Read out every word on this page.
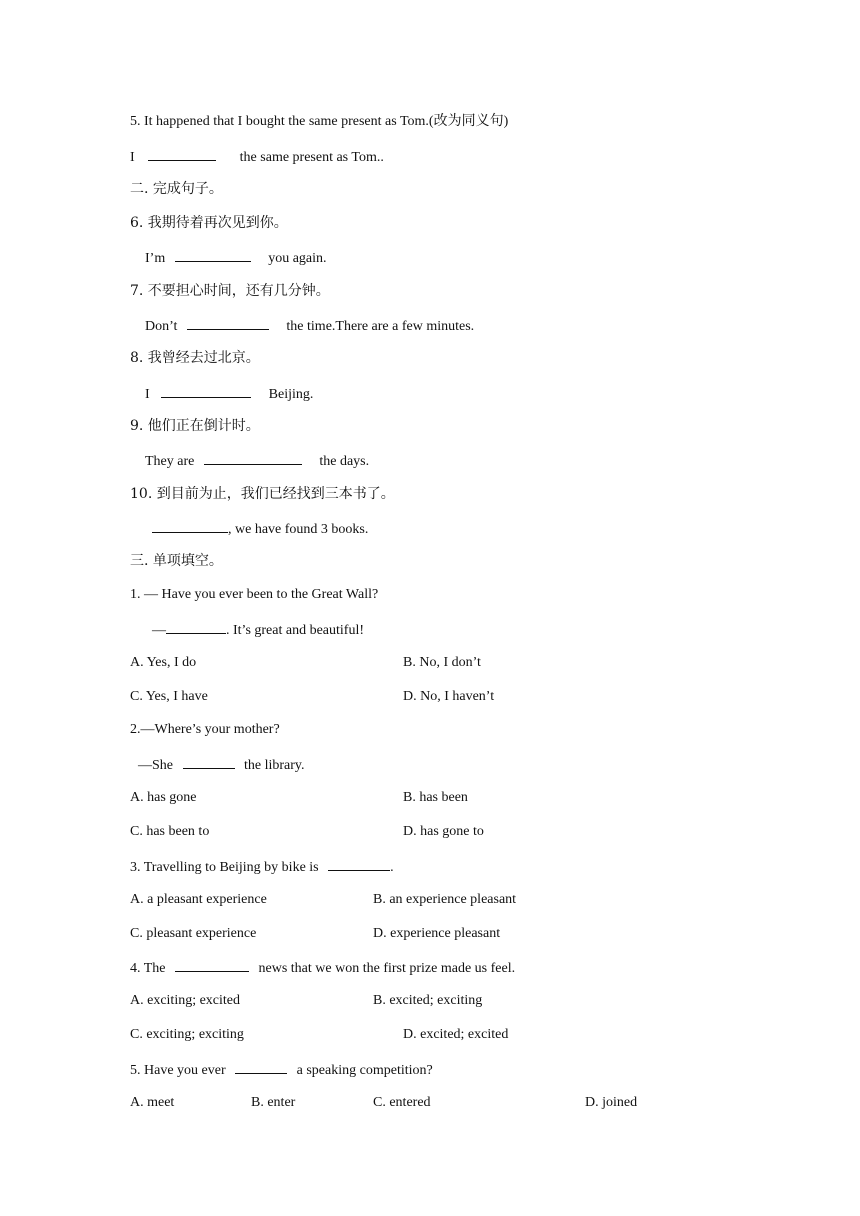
5. It happened that I bought the same present as Tom.(改为同义句)
I	the same present as Tom..
二. 完成句子。
6. 我期待着再次见到你。
I’m	you again.
7. 不要担心时间，还有几分钟。
Don’t	the time.There are a few minutes.
8. 我曾经去过北京。
I	Beijing.
9. 他们正在倒计时。
They are	the days.
10. 到目前为止，我们已经找到三本书了。
, we have found 3 books.
三. 单项填空。
1. — Have you ever been to the Great Wall?
—	. It’s great and beautiful!
A. Yes, I do	B. No, I don’t
C. Yes, I have	D. No, I haven’t
2.—Where’s your mother?
—She	the library.
A. has gone	B. has been
C. has been to	D. has gone to
3. Travelling to Beijing by bike is	.
A. a pleasant experience	B. an experience pleasant
C. pleasant experience	D. experience pleasant
4. The	news that we won the first prize made us feel.
A. exciting; excited	B. excited; exciting
C. exciting; exciting	D. excited; excited
5. Have you ever	a speaking competition?
A. meet	B. enter	C. entered	D. joined
